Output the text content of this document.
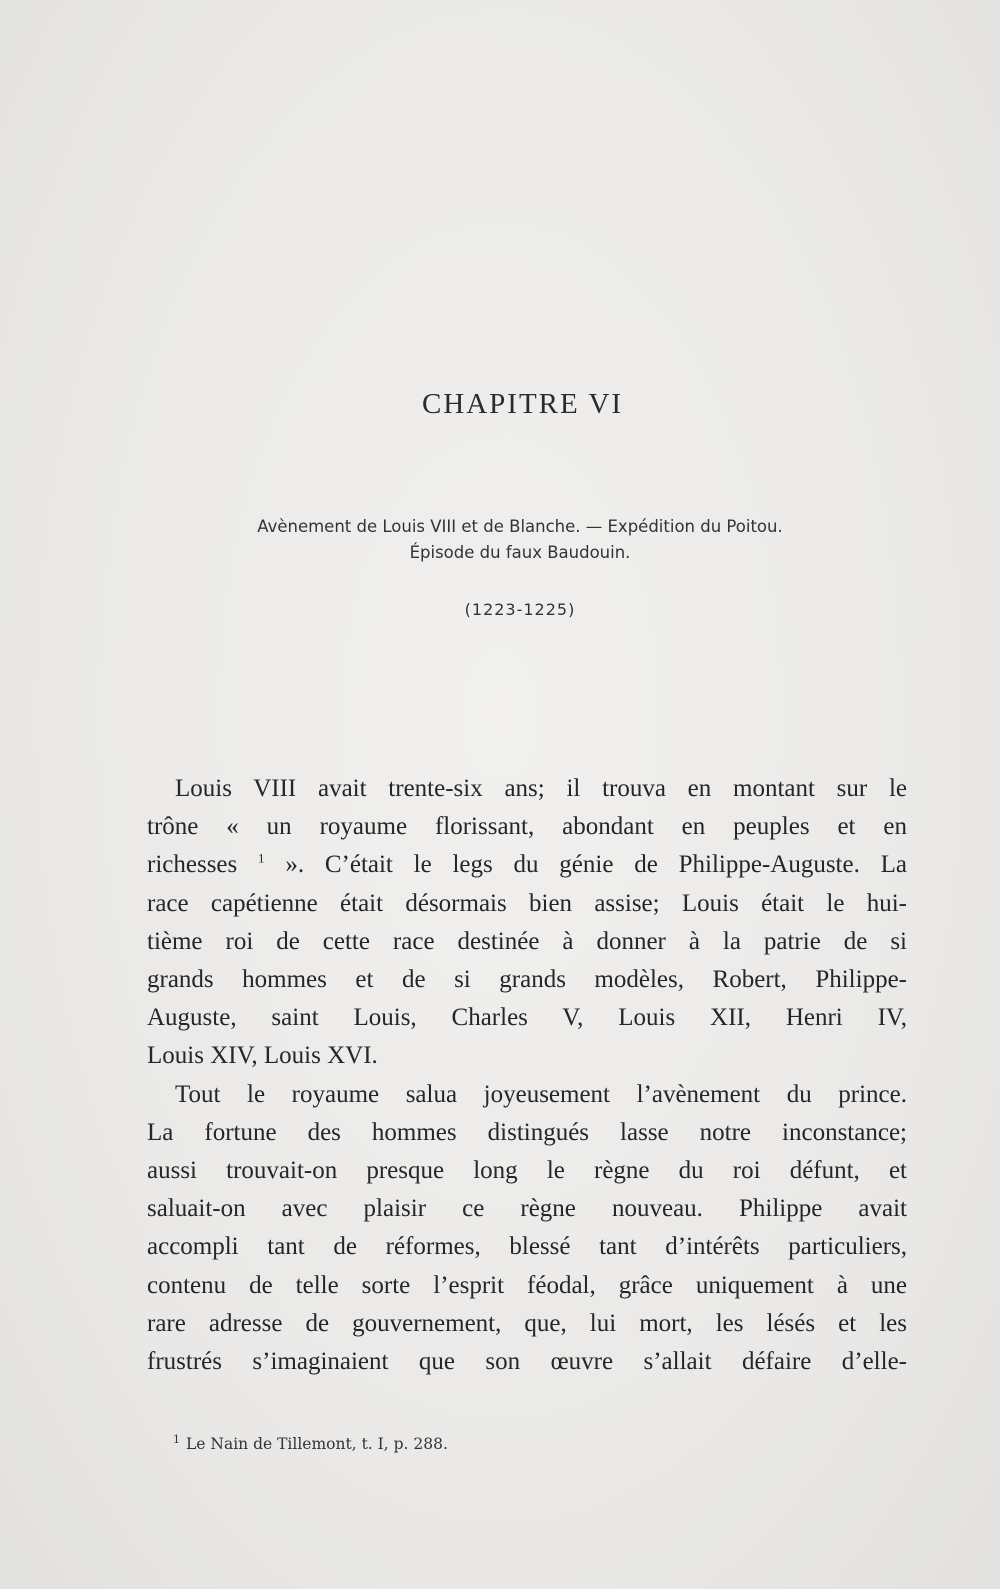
CHAPITRE VI
Avènement de Louis VIII et de Blanche. — Expédition du Poitou.
Épisode du faux Baudouin.
(1223-1225)
Louis VIII avait trente-six ans; il trouva en montant sur le
trône « un royaume florissant, abondant en peuples et en
richesses $^1$ ». C’était le legs du génie de Philippe-Auguste. La
race capétienne était désormais bien assise; Louis était le hui-
tième roi de cette race destinée à donner à la patrie de si
grands hommes et de si grands modèles, Robert, Philippe-
Auguste, saint Louis, Charles V, Louis XII, Henri IV,
Louis XIV, Louis XVI.
Tout le royaume salua joyeusement l’avènement du prince.
La fortune des hommes distingués lasse notre inconstance;
aussi trouvait-on presque long le règne du roi défunt, et
saluait-on avec plaisir ce règne nouveau. Philippe avait
accompli tant de réformes, blessé tant d’intérêts particuliers,
contenu de telle sorte l’esprit féodal, grâce uniquement à une
rare adresse de gouvernement, que, lui mort, les lésés et les
frustrés s’imaginaient que son œuvre s’allait défaire d’elle-
$^1$ Le Nain de Tillemont, t. I, p. 288.
